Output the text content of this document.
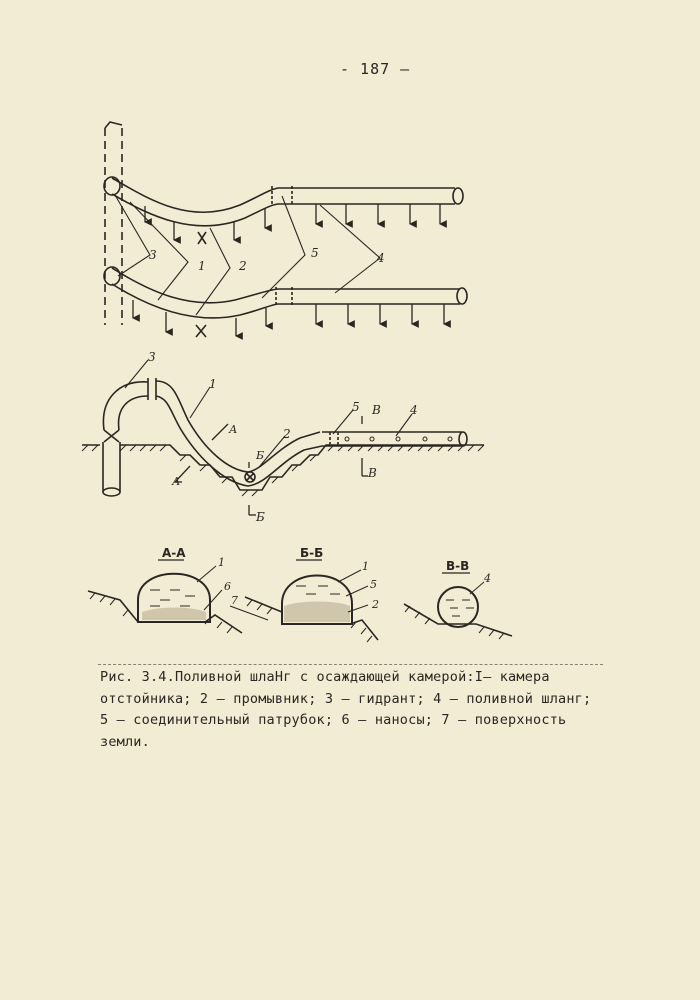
- 187 —
3
1	2
5	4
3
1
5	4
2
А
А
Б
Б
В
В
А-А
1
6
Б-Б
1
5
2
7
В-В
4
Рис. 3.4.Поливной шлаНг с осаждающей камерой:I– камера
отстойника; 2 – промывник; 3 – гидрант; 4 – поливной шланг;
5 – соединительный патрубок; 6 – наносы; 7 – поверхность
земли.
